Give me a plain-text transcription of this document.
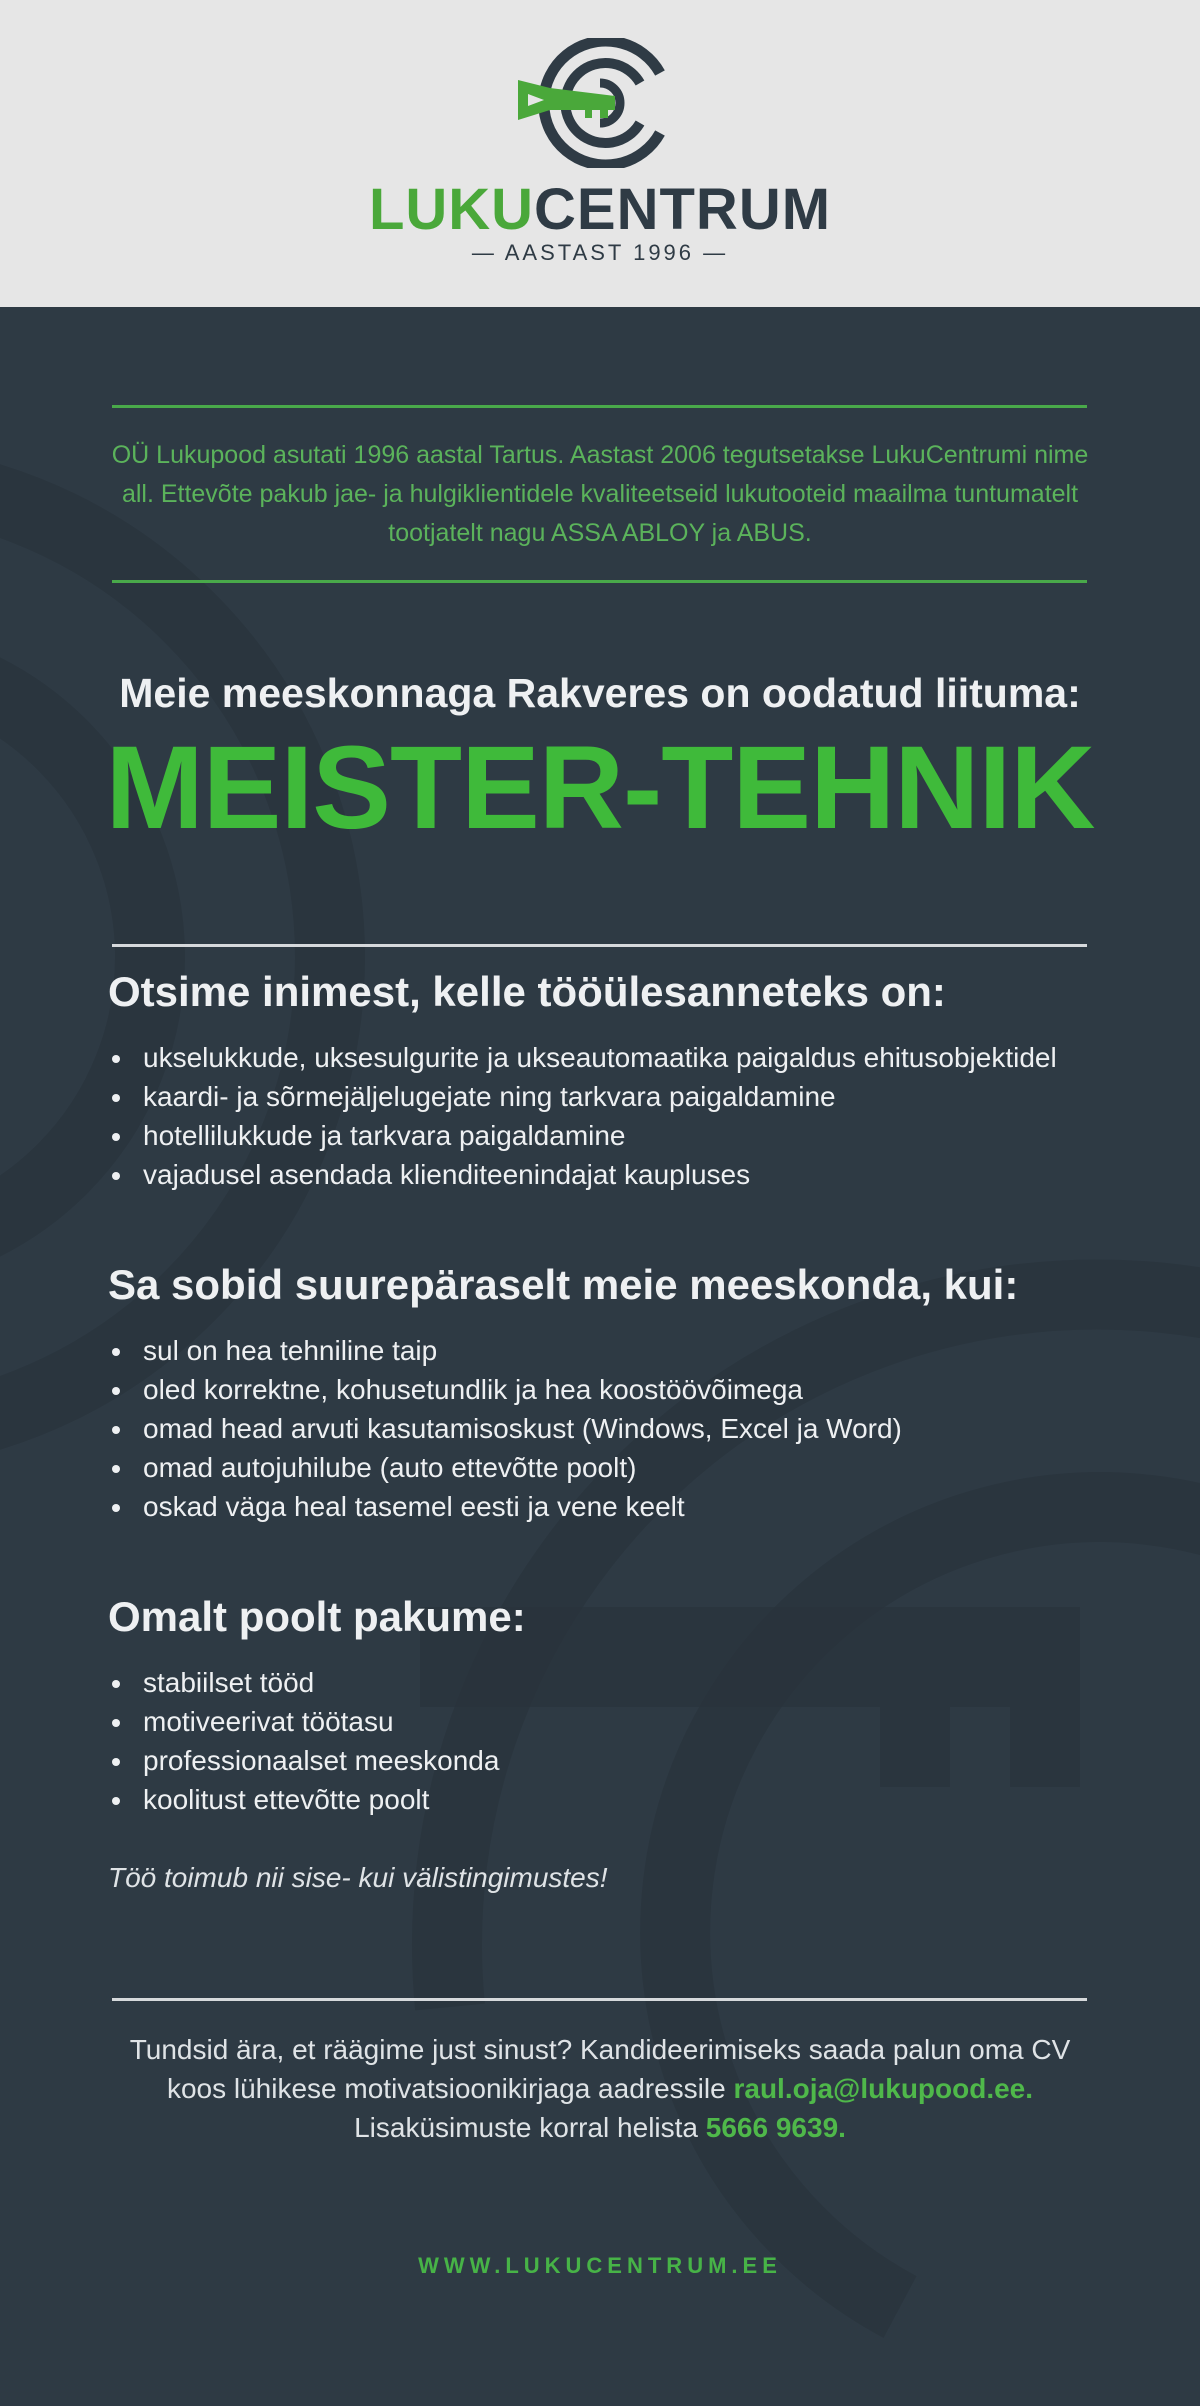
LUKUCENTRUM
— AASTAST 1996 —
OÜ Lukupood asutati 1996 aastal Tartus. Aastast 2006 tegutsetakse LukuCentrumi nime all. Ettevõte pakub jae- ja hulgiklientidele kvaliteetseid lukutooteid maailma tuntumatelt tootjatelt nagu ASSA ABLOY ja ABUS.
Meie meeskonnaga Rakveres on oodatud liituma:
MEISTER-TEHNIK
Otsime inimest, kelle tööülesanneteks on:
ukselukkude, uksesulgurite ja ukseautomaatika paigaldus ehitusobjektidel
kaardi- ja sõrmejäljelugejate ning tarkvara paigaldamine
hotellilukkude ja tarkvara paigaldamine
vajadusel asendada klienditeenindajat kaupluses
Sa sobid suurepäraselt meie meeskonda, kui:
sul on hea tehniline taip
oled korrektne, kohusetundlik ja hea koostöövõimega
omad head arvuti kasutamisoskust (Windows, Excel ja Word)
omad autojuhilube (auto ettevõtte poolt)
oskad väga heal tasemel eesti ja vene keelt
Omalt poolt pakume:
stabiilset tööd
motiveerivat töötasu
professionaalset meeskonda
koolitust ettevõtte poolt
Töö toimub nii sise- kui välistingimustes!
Tundsid ära, et räägime just sinust? Kandideerimiseks saada palun oma CV
koos lühikese motivatsioonikirjaga aadressile raul.oja@lukupood.ee.
Lisaküsimuste korral helista 5666 9639.
WWW.LUKUCENTRUM.EE
